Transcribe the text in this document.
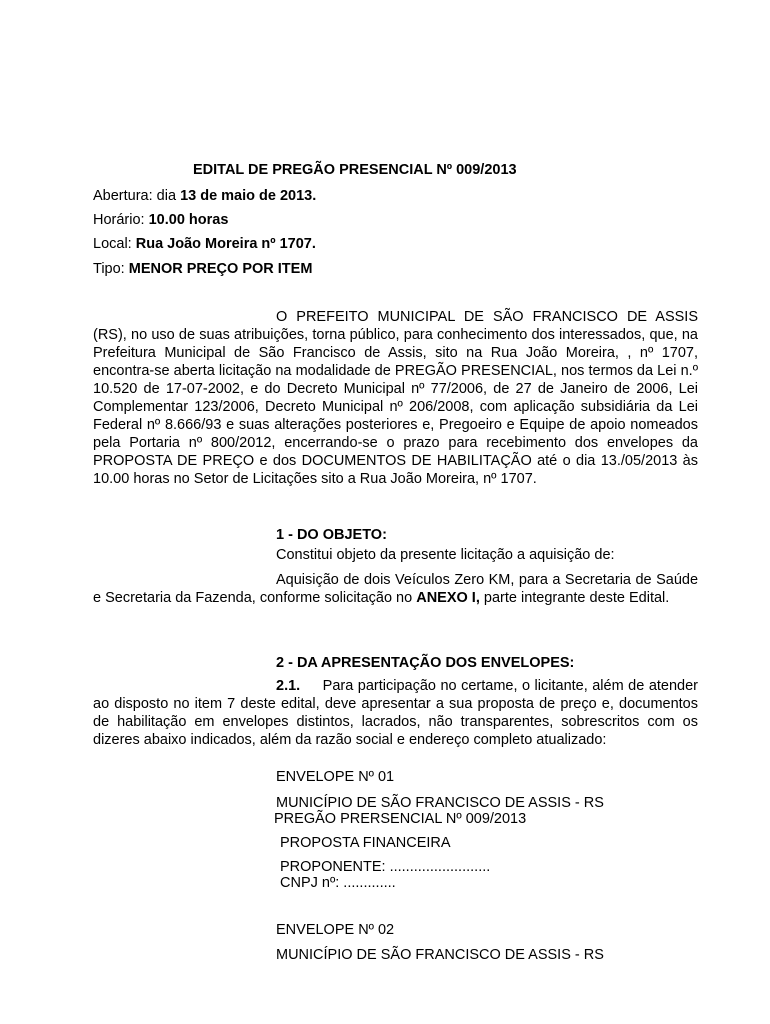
EDITAL DE PREGÃO PRESENCIAL Nº 009/2013
Abertura: dia 13 de maio de 2013.
Horário: 10.00 horas
Local: Rua João Moreira nº 1707.
Tipo: MENOR PREÇO POR ITEM
O PREFEITO MUNICIPAL DE SÃO FRANCISCO DE ASSIS (RS), no uso de suas atribuições, torna público, para conhecimento dos interessados, que, na Prefeitura Municipal de São Francisco de Assis, sito na Rua João Moreira, , nº 1707, encontra-se aberta licitação na modalidade de PREGÃO PRESENCIAL, nos termos da Lei n.º 10.520 de 17-07-2002, e do Decreto Municipal nº 77/2006, de 27 de Janeiro de 2006, Lei Complementar 123/2006, Decreto Municipal nº 206/2008, com aplicação subsidiária da Lei Federal nº 8.666/93 e suas alterações posteriores e, Pregoeiro e Equipe de apoio nomeados pela Portaria nº 800/2012, encerrando-se o prazo para recebimento dos envelopes da PROPOSTA DE PREÇO e dos DOCUMENTOS DE HABILITAÇÃO até o dia 13./05/2013 às 10.00 horas no Setor de Licitações sito a Rua João Moreira, nº 1707.
1 - DO OBJETO:
Constitui objeto da presente licitação a aquisição de:
Aquisição de dois Veículos Zero KM, para a Secretaria de Saúde e Secretaria da Fazenda, conforme solicitação no ANEXO I, parte integrante deste Edital.
2 - DA APRESENTAÇÃO DOS ENVELOPES:
2.1. Para participação no certame, o licitante, além de atender ao disposto no item 7 deste edital, deve apresentar a sua proposta de preço e, documentos de habilitação em envelopes distintos, lacrados, não transparentes, sobrescritos com os dizeres abaixo indicados, além da razão social e endereço completo atualizado:
ENVELOPE Nº 01
MUNICÍPIO DE SÃO FRANCISCO DE ASSIS - RS
PREGÃO PRERSENCIAL Nº 009/2013
PROPOSTA FINANCEIRA
PROPONENTE: .........................
CNPJ nº: .............
ENVELOPE Nº 02
MUNICÍPIO DE SÃO FRANCISCO DE ASSIS - RS
